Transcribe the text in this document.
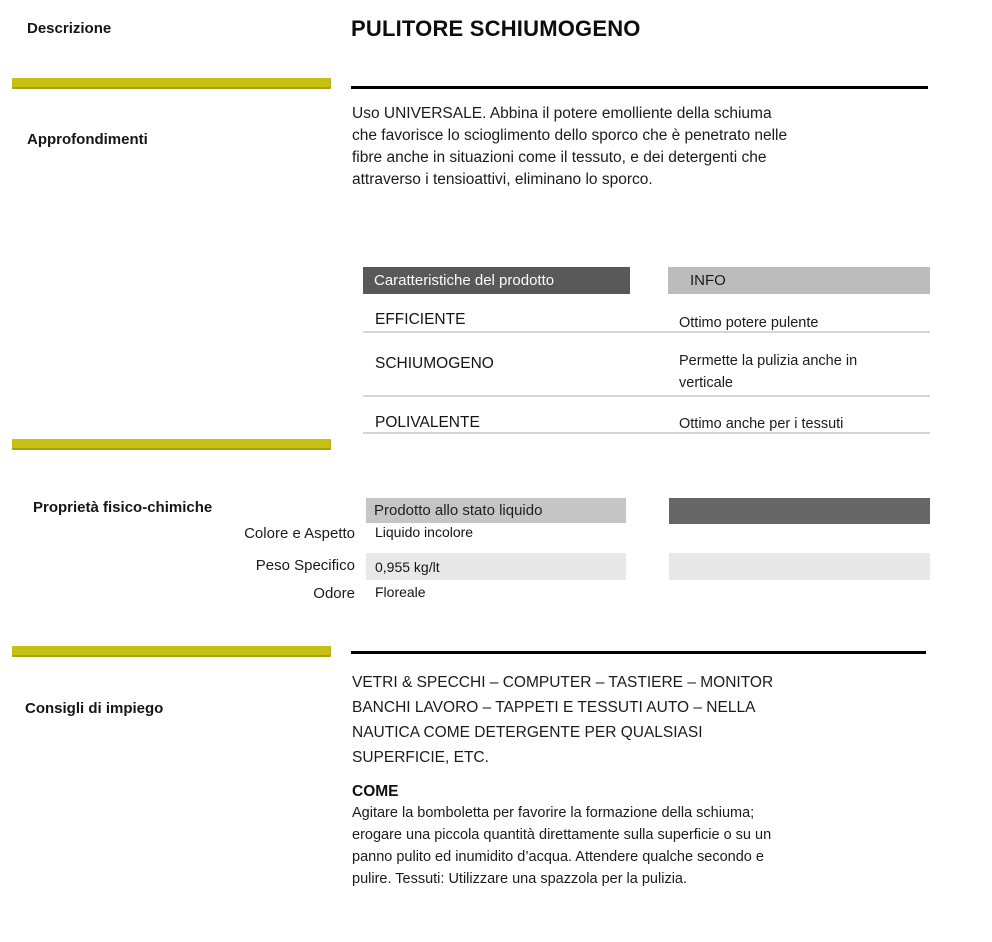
Descrizione
Approfondimenti
Proprietà fisico-chimiche
Consigli di impiego
PULITORE SCHIUMOGENO
Uso UNIVERSALE. Abbina il potere emolliente della schiuma
che favorisce lo scioglimento dello sporco che è penetrato nelle
fibre anche in situazioni come il tessuto, e dei detergenti che
attraverso i tensioattivi, eliminano lo sporco.
Caratteristiche del prodotto	INFO
EFFICIENTE	Ottimo potere pulente
SCHIUMOGENO	Permette la pulizia anche in
verticale
POLIVALENTE	Ottimo anche per i tessuti
Prodotto allo stato liquido
Colore e Aspetto Liquido incolore
Peso Specifico	0,955 kg/lt
Odore Floreale
VETRI & SPECCHI – COMPUTER – TASTIERE – MONITOR
BANCHI LAVORO – TAPPETI E TESSUTI AUTO – NELLA
NAUTICA COME DETERGENTE PER QUALSIASI
SUPERFICIE, ETC.
COME
Agitare la bomboletta per favorire la formazione della schiuma;
erogare una piccola quantità direttamente sulla superficie o su un
panno pulito ed inumidito d’acqua. Attendere qualche secondo e
pulire. Tessuti: Utilizzare una spazzola per la pulizia.
